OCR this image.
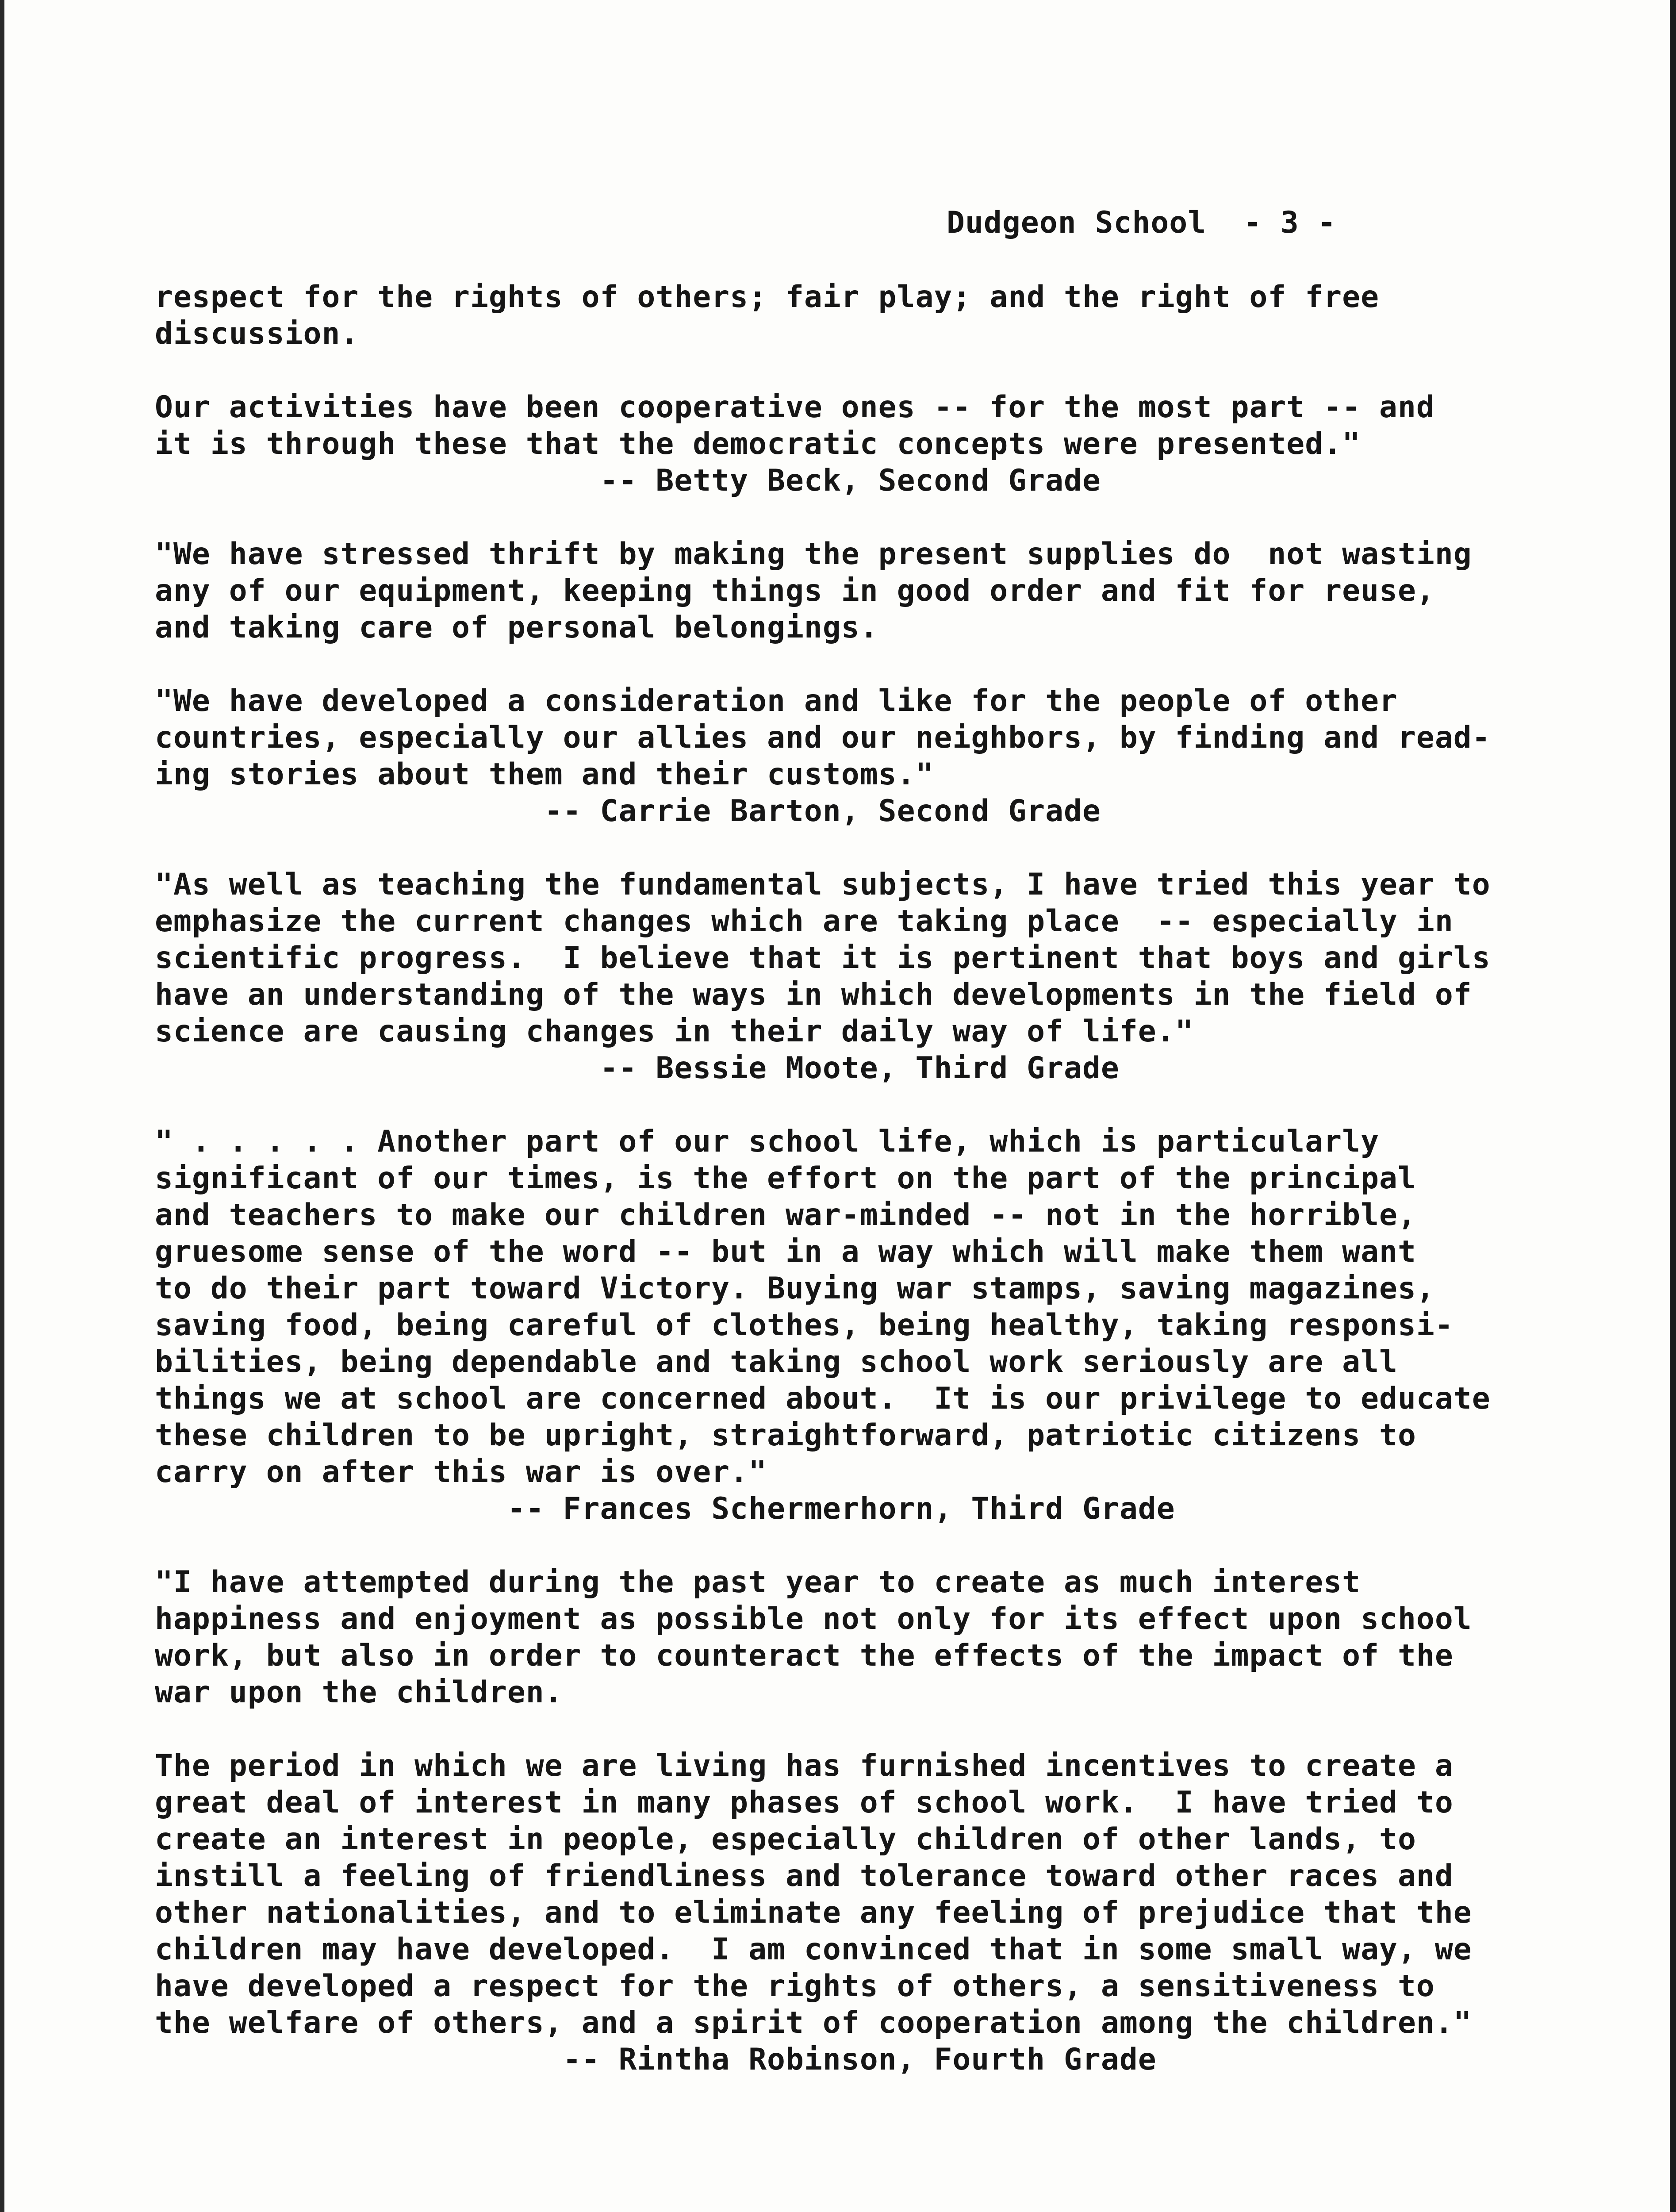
Dudgeon School  - 3 -
respect for the rights of others; fair play; and the right of free
discussion.
Our activities have been cooperative ones -- for the most part -- and
it is through these that the democratic concepts were presented."
-- Betty Beck, Second Grade
"We have stressed thrift by making the present supplies do  not wasting
any of our equipment, keeping things in good order and fit for reuse,
and taking care of personal belongings.
"We have developed a consideration and like for the people of other
countries, especially our allies and our neighbors, by finding and read-
ing stories about them and their customs."
-- Carrie Barton, Second Grade
"As well as teaching the fundamental subjects, I have tried this year to
emphasize the current changes which are taking place  -- especially in
scientific progress.  I believe that it is pertinent that boys and girls
have an understanding of the ways in which developments in the field of
science are causing changes in their daily way of life."
-- Bessie Moote, Third Grade
" . . . . . Another part of our school life, which is particularly
significant of our times, is the effort on the part of the principal
and teachers to make our children war-minded -- not in the horrible,
gruesome sense of the word -- but in a way which will make them want
to do their part toward Victory. Buying war stamps, saving magazines,
saving food, being careful of clothes, being healthy, taking responsi-
bilities, being dependable and taking school work seriously are all
things we at school are concerned about.  It is our privilege to educate
these children to be upright, straightforward, patriotic citizens to
carry on after this war is over."
-- Frances Schermerhorn, Third Grade
"I have attempted during the past year to create as much interest
happiness and enjoyment as possible not only for its effect upon school
work, but also in order to counteract the effects of the impact of the
war upon the children.
The period in which we are living has furnished incentives to create a
great deal of interest in many phases of school work.  I have tried to
create an interest in people, especially children of other lands, to
instill a feeling of friendliness and tolerance toward other races and
other nationalities, and to eliminate any feeling of prejudice that the
children may have developed.  I am convinced that in some small way, we
have developed a respect for the rights of others, a sensitiveness to
the welfare of others, and a spirit of cooperation among the children."
-- Rintha Robinson, Fourth Grade
